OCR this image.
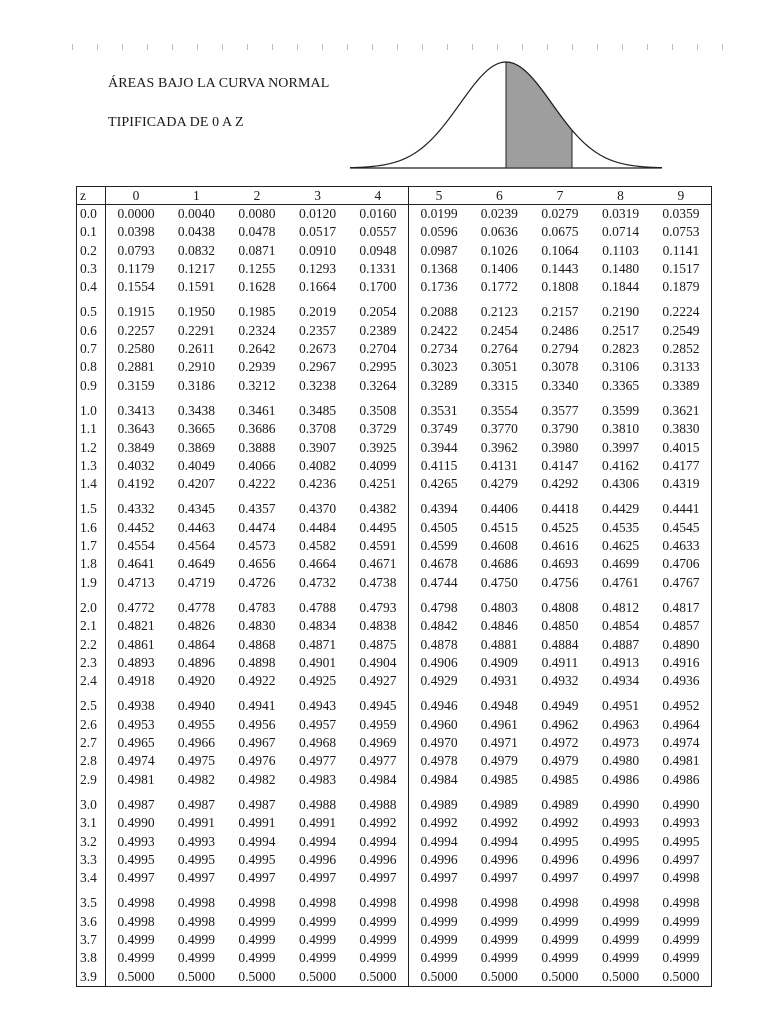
ÁREAS BAJO LA CURVA NORMAL
TIPIFICADA DE 0 A Z
z	0	1	2	3	4	5	6	7	8	9
0.0	0.0000	0.0040	0.0080	0.0120	0.0160	0.0199	0.0239	0.0279	0.0319	0.0359
0.1	0.0398	0.0438	0.0478	0.0517	0.0557	0.0596	0.0636	0.0675	0.0714	0.0753
0.2	0.0793	0.0832	0.0871	0.0910	0.0948	0.0987	0.1026	0.1064	0.1103	0.1141
0.3	0.1179	0.1217	0.1255	0.1293	0.1331	0.1368	0.1406	0.1443	0.1480	0.1517
0.4	0.1554	0.1591	0.1628	0.1664	0.1700	0.1736	0.1772	0.1808	0.1844	0.1879

0.5	0.1915	0.1950	0.1985	0.2019	0.2054	0.2088	0.2123	0.2157	0.2190	0.2224
0.6	0.2257	0.2291	0.2324	0.2357	0.2389	0.2422	0.2454	0.2486	0.2517	0.2549
0.7	0.2580	0.2611	0.2642	0.2673	0.2704	0.2734	0.2764	0.2794	0.2823	0.2852
0.8	0.2881	0.2910	0.2939	0.2967	0.2995	0.3023	0.3051	0.3078	0.3106	0.3133
0.9	0.3159	0.3186	0.3212	0.3238	0.3264	0.3289	0.3315	0.3340	0.3365	0.3389

1.0	0.3413	0.3438	0.3461	0.3485	0.3508	0.3531	0.3554	0.3577	0.3599	0.3621
1.1	0.3643	0.3665	0.3686	0.3708	0.3729	0.3749	0.3770	0.3790	0.3810	0.3830
1.2	0.3849	0.3869	0.3888	0.3907	0.3925	0.3944	0.3962	0.3980	0.3997	0.4015
1.3	0.4032	0.4049	0.4066	0.4082	0.4099	0.4115	0.4131	0.4147	0.4162	0.4177
1.4	0.4192	0.4207	0.4222	0.4236	0.4251	0.4265	0.4279	0.4292	0.4306	0.4319

1.5	0.4332	0.4345	0.4357	0.4370	0.4382	0.4394	0.4406	0.4418	0.4429	0.4441
1.6	0.4452	0.4463	0.4474	0.4484	0.4495	0.4505	0.4515	0.4525	0.4535	0.4545
1.7	0.4554	0.4564	0.4573	0.4582	0.4591	0.4599	0.4608	0.4616	0.4625	0.4633
1.8	0.4641	0.4649	0.4656	0.4664	0.4671	0.4678	0.4686	0.4693	0.4699	0.4706
1.9	0.4713	0.4719	0.4726	0.4732	0.4738	0.4744	0.4750	0.4756	0.4761	0.4767

2.0	0.4772	0.4778	0.4783	0.4788	0.4793	0.4798	0.4803	0.4808	0.4812	0.4817
2.1	0.4821	0.4826	0.4830	0.4834	0.4838	0.4842	0.4846	0.4850	0.4854	0.4857
2.2	0.4861	0.4864	0.4868	0.4871	0.4875	0.4878	0.4881	0.4884	0.4887	0.4890
2.3	0.4893	0.4896	0.4898	0.4901	0.4904	0.4906	0.4909	0.4911	0.4913	0.4916
2.4	0.4918	0.4920	0.4922	0.4925	0.4927	0.4929	0.4931	0.4932	0.4934	0.4936

2.5	0.4938	0.4940	0.4941	0.4943	0.4945	0.4946	0.4948	0.4949	0.4951	0.4952
2.6	0.4953	0.4955	0.4956	0.4957	0.4959	0.4960	0.4961	0.4962	0.4963	0.4964
2.7	0.4965	0.4966	0.4967	0.4968	0.4969	0.4970	0.4971	0.4972	0.4973	0.4974
2.8	0.4974	0.4975	0.4976	0.4977	0.4977	0.4978	0.4979	0.4979	0.4980	0.4981
2.9	0.4981	0.4982	0.4982	0.4983	0.4984	0.4984	0.4985	0.4985	0.4986	0.4986

3.0	0.4987	0.4987	0.4987	0.4988	0.4988	0.4989	0.4989	0.4989	0.4990	0.4990
3.1	0.4990	0.4991	0.4991	0.4991	0.4992	0.4992	0.4992	0.4992	0.4993	0.4993
3.2	0.4993	0.4993	0.4994	0.4994	0.4994	0.4994	0.4994	0.4995	0.4995	0.4995
3.3	0.4995	0.4995	0.4995	0.4996	0.4996	0.4996	0.4996	0.4996	0.4996	0.4997
3.4	0.4997	0.4997	0.4997	0.4997	0.4997	0.4997	0.4997	0.4997	0.4997	0.4998

3.5	0.4998	0.4998	0.4998	0.4998	0.4998	0.4998	0.4998	0.4998	0.4998	0.4998
3.6	0.4998	0.4998	0.4999	0.4999	0.4999	0.4999	0.4999	0.4999	0.4999	0.4999
3.7	0.4999	0.4999	0.4999	0.4999	0.4999	0.4999	0.4999	0.4999	0.4999	0.4999
3.8	0.4999	0.4999	0.4999	0.4999	0.4999	0.4999	0.4999	0.4999	0.4999	0.4999
3.9	0.5000	0.5000	0.5000	0.5000	0.5000	0.5000	0.5000	0.5000	0.5000	0.5000
